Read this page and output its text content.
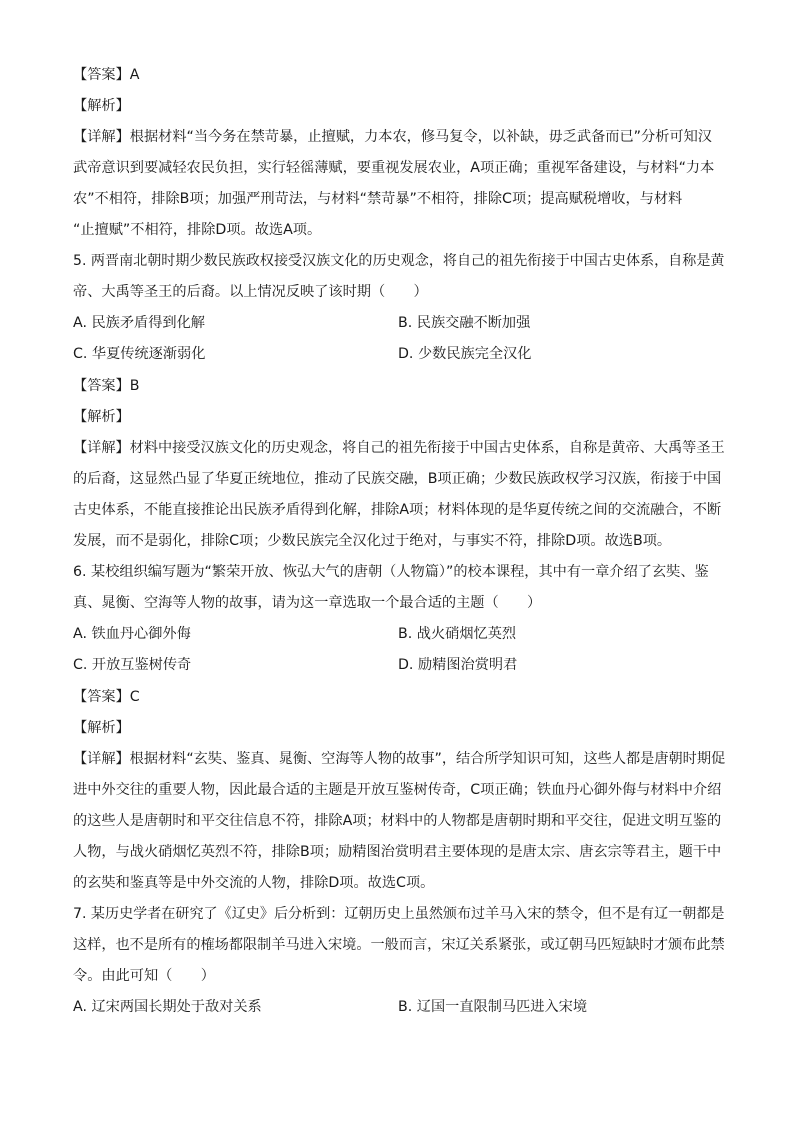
【答案】A
【解析】
【详解】根据材料“当今务在禁苛暴，止擅赋，力本农，修马复令，以补缺，毋乏武备而已”分析可知汉
武帝意识到要减轻农民负担，实行轻徭薄赋，要重视发展农业，A项正确；重视军备建设，与材料“力本
农”不相符，排除B项；加强严刑苛法，与材料“禁苛暴”不相符，排除C项；提高赋税增收，与材料
“止擅赋”不相符，排除D项。故选A项。
5. 两晋南北朝时期少数民族政权接受汉族文化的历史观念，将自己的祖先衔接于中国古史体系，自称是黄
帝、大禹等圣王的后裔。以上情况反映了该时期（　　）
A. 民族矛盾得到化解	B. 民族交融不断加强
C. 华夏传统逐渐弱化	D. 少数民族完全汉化
【答案】B
【解析】
【详解】材料中接受汉族文化的历史观念，将自己的祖先衔接于中国古史体系，自称是黄帝、大禹等圣王
的后裔，这显然凸显了华夏正统地位，推动了民族交融，B项正确；少数民族政权学习汉族，衔接于中国
古史体系，不能直接推论出民族矛盾得到化解，排除A项；材料体现的是华夏传统之间的交流融合，不断
发展，而不是弱化，排除C项；少数民族完全汉化过于绝对，与事实不符，排除D项。故选B项。
6. 某校组织编写题为“繁荣开放、恢弘大气的唐朝（人物篇）”的校本课程，其中有一章介绍了玄奘、鉴
真、晁衡、空海等人物的故事，请为这一章选取一个最合适的主题（　　）
A. 铁血丹心御外侮	B. 战火硝烟忆英烈
C. 开放互鉴树传奇	D. 励精图治赏明君
【答案】C
【解析】
【详解】根据材料“玄奘、鉴真、晁衡、空海等人物的故事”，结合所学知识可知，这些人都是唐朝时期促
进中外交往的重要人物，因此最合适的主题是开放互鉴树传奇，C项正确；铁血丹心御外侮与材料中介绍
的这些人是唐朝时和平交往信息不符，排除A项；材料中的人物都是唐朝时期和平交往，促进文明互鉴的
人物，与战火硝烟忆英烈不符，排除B项；励精图治赏明君主要体现的是唐太宗、唐玄宗等君主，题干中
的玄奘和鉴真等是中外交流的人物，排除D项。故选C项。
7. 某历史学者在研究了《辽史》后分析到：辽朝历史上虽然颁布过羊马入宋的禁令，但不是有辽一朝都是
这样，也不是所有的榷场都限制羊马进入宋境。一般而言，宋辽关系紧张，或辽朝马匹短缺时才颁布此禁
令。由此可知（　　）
A. 辽宋两国长期处于敌对关系	B. 辽国一直限制马匹进入宋境
